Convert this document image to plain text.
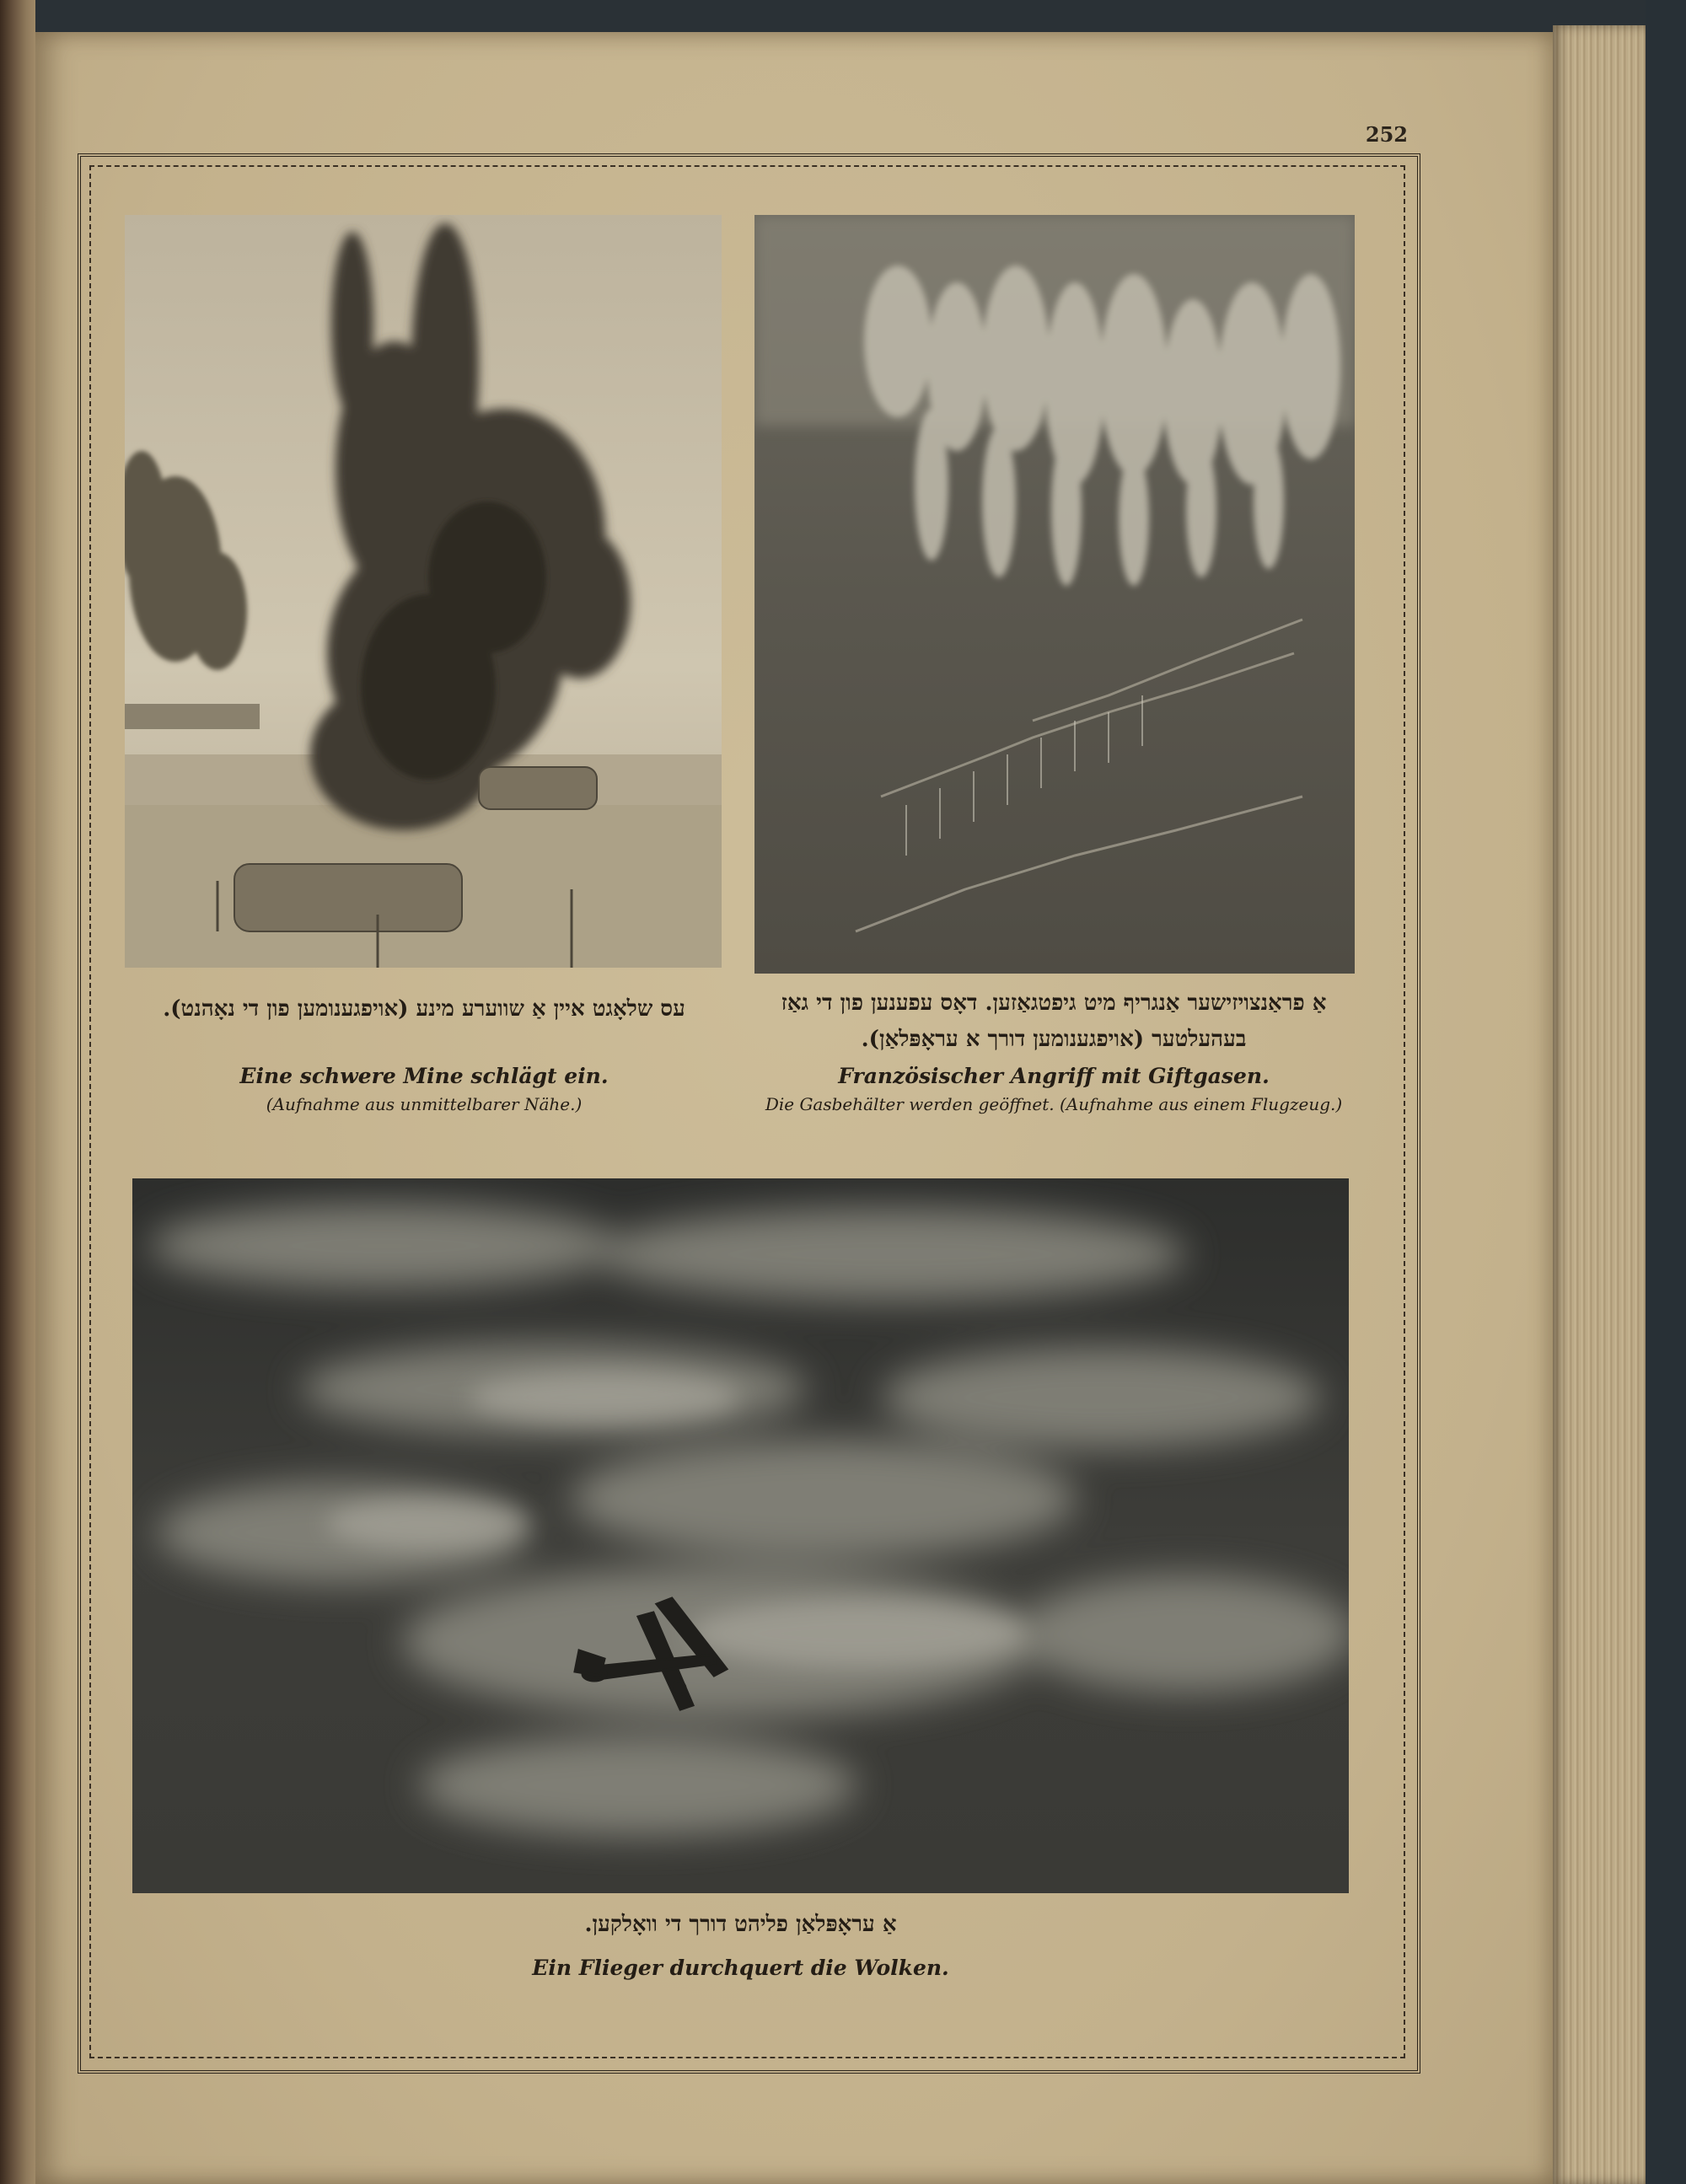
252
עס שלאָגט איין אַ שווערע מינע (אויפגענומען פון די נאָהנט).
Eine schwere Mine schlägt ein.
(Aufnahme aus unmittelbarer Nähe.)
אַ פראַנצויזישער אַנגריף מיט גיפטגאַזען. דאָס עפענען פון די גאַז
בעהעלטער (אויפגענומען דורך א עראָפּלאַן).
Französischer Angriff mit Giftgasen.
Die Gasbehälter werden geöffnet. (Aufnahme aus einem Flugzeug.)
אַ עראָפּלאַן פליהט דורך די וואָלקען.
Ein Flieger durchquert die Wolken.
